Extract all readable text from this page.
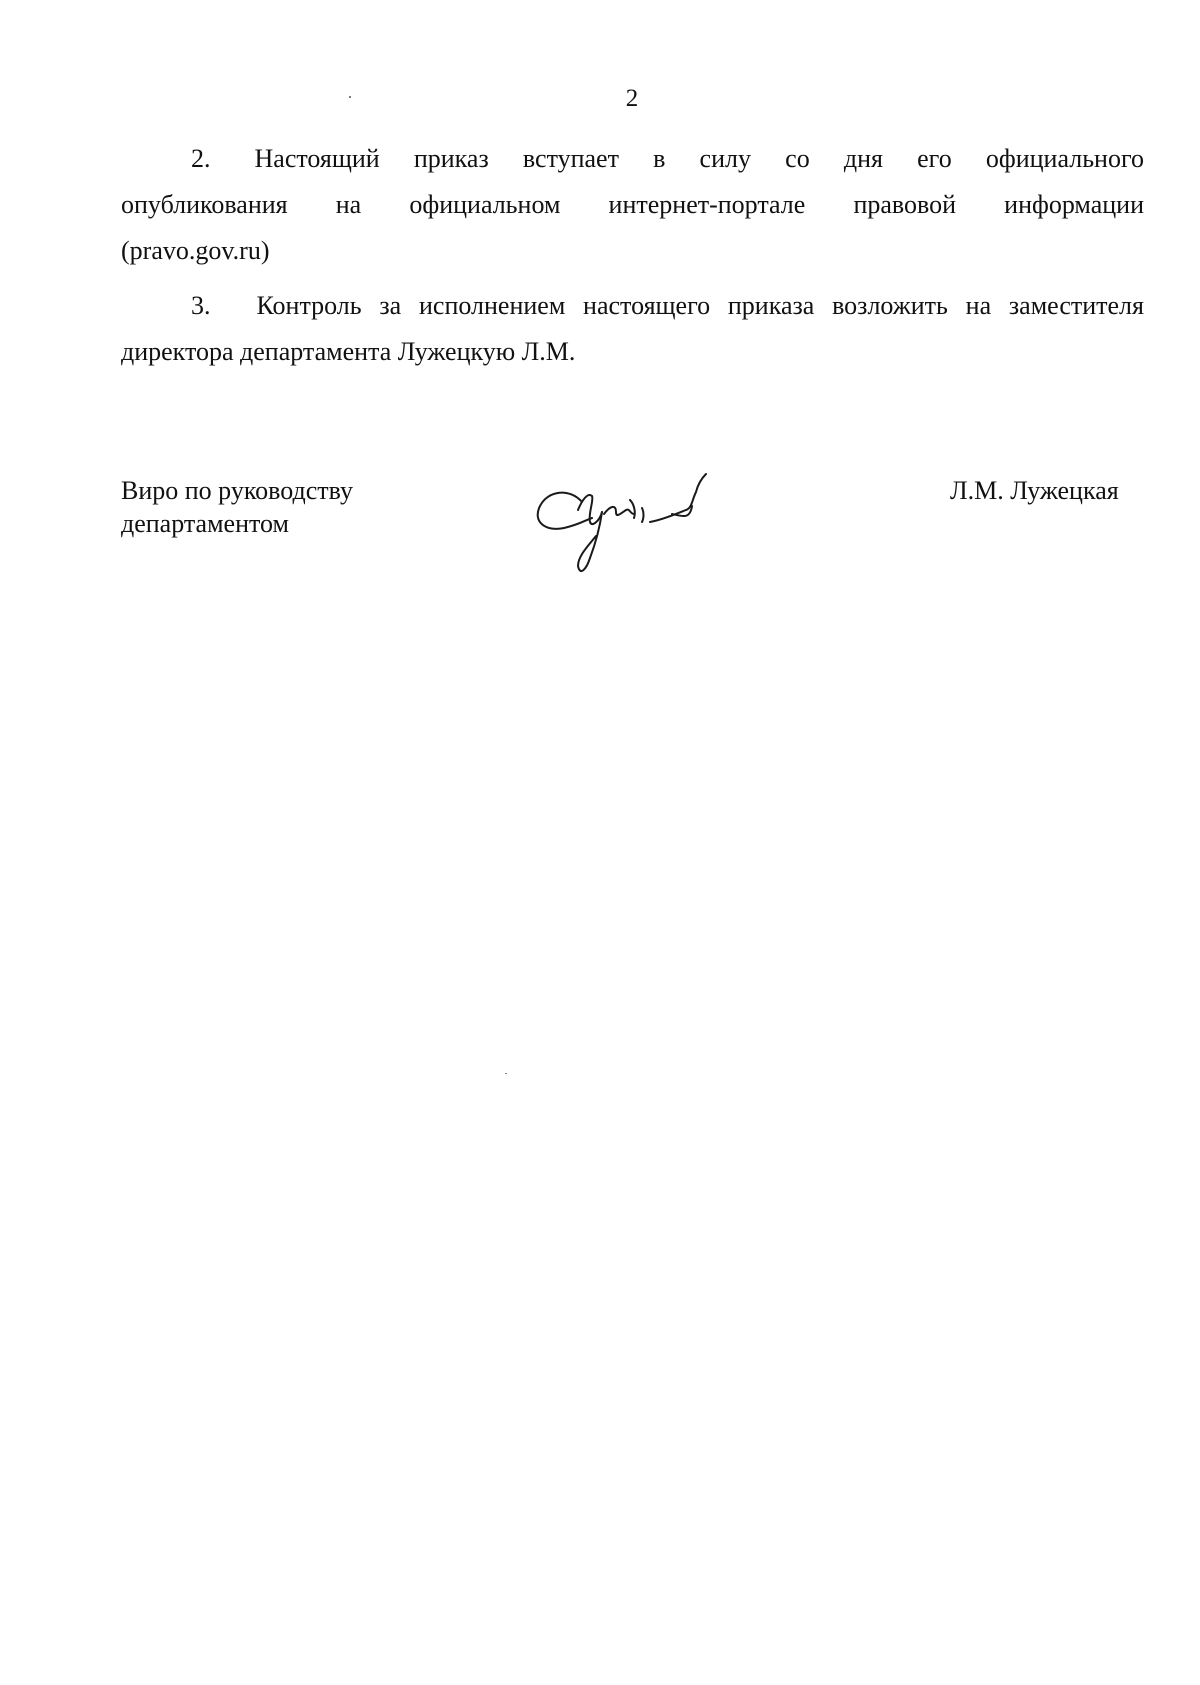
2
2. Настоящий приказ вступает в силу со дня его официального
опубликования на официальном интернет-портале правовой информации
(pravo.gov.ru)
3. Контроль за исполнением настоящего приказа возложить на заместителя
директора департамента Лужецкую Л.М.
Виро по руководству
департаментом
Л.М. Лужецкая
